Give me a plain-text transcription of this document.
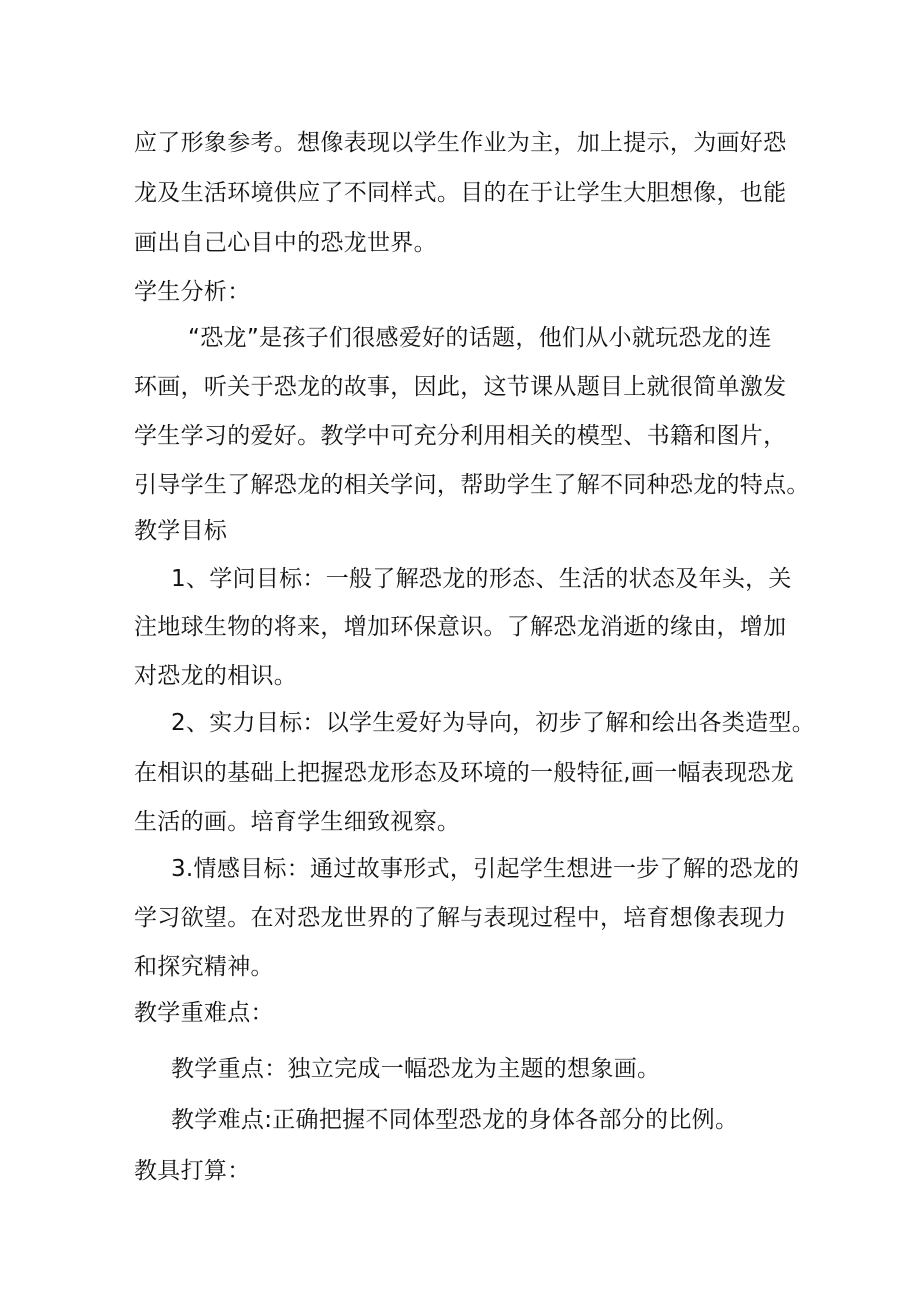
应了形象参考。想像表现以学生作业为主，加上提示，为画好恐
龙及生活环境供应了不同样式。目的在于让学生大胆想像，也能
画出自己心目中的恐龙世界。
学生分析：
“恐龙”是孩子们很感爱好的话题，他们从小就玩恐龙的连
环画，听关于恐龙的故事，因此，这节课从题目上就很简单激发
学生学习的爱好。教学中可充分利用相关的模型、书籍和图片，
引导学生了解恐龙的相关学问，帮助学生了解不同种恐龙的特点。
教学目标
1、学问目标：一般了解恐龙的形态、生活的状态及年头，关
注地球生物的将来，增加环保意识。了解恐龙消逝的缘由，增加
对恐龙的相识。
2、实力目标：以学生爱好为导向，初步了解和绘出各类造型。
在相识的基础上把握恐龙形态及环境的一般特征,画一幅表现恐龙
生活的画。培育学生细致视察。
3.情感目标：通过故事形式，引起学生想进一步了解的恐龙的
学习欲望。在对恐龙世界的了解与表现过程中，培育想像表现力
和探究精神。
教学重难点：
教学重点：独立完成一幅恐龙为主题的想象画。
教学难点:正确把握不同体型恐龙的身体各部分的比例。
教具打算：
